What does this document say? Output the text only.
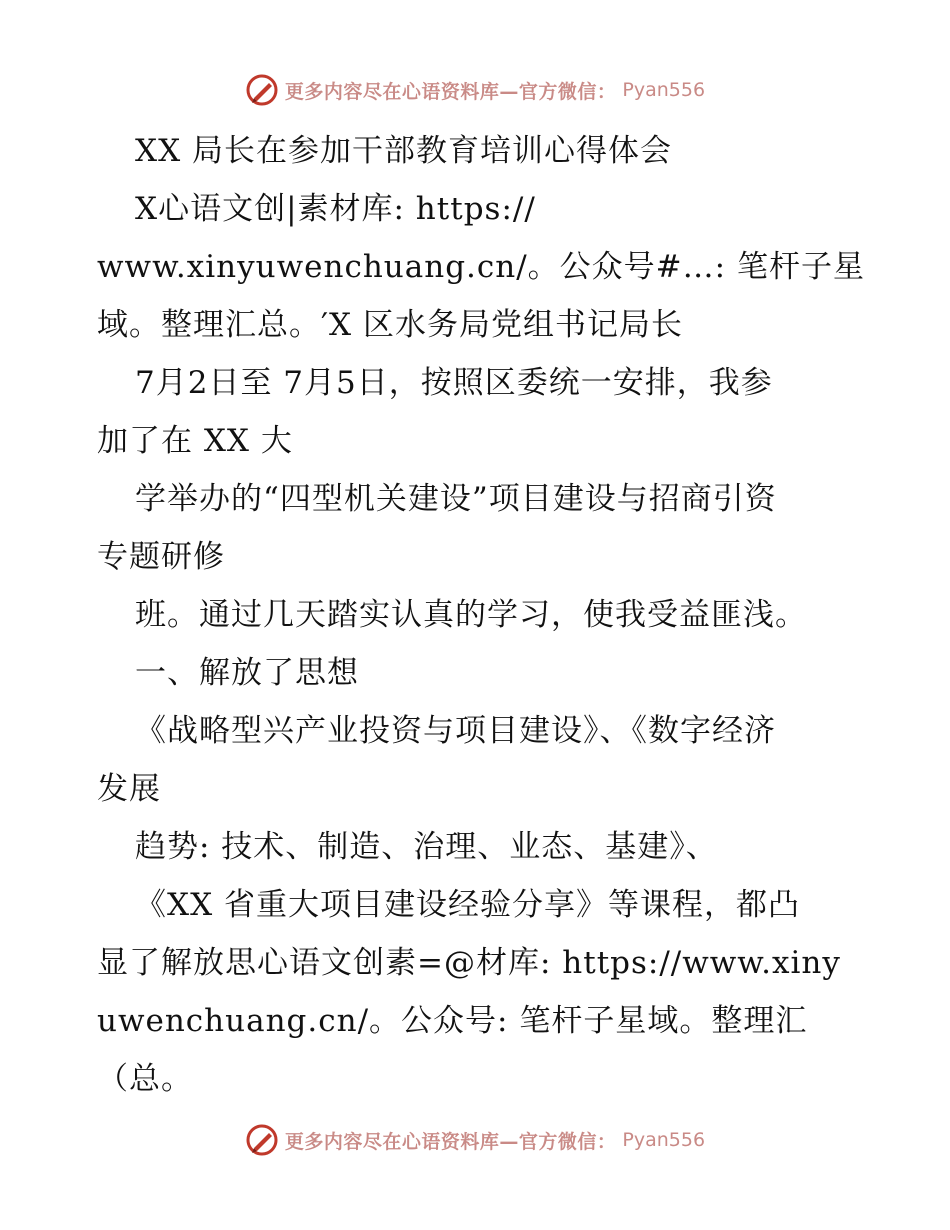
更多内容尽在心语资料库—官方微信： Pyan556
XX 局长在参加干部教育培训心得体会
X心语文创|素材库: https://
www.xinyuwenchuang.cn/。公众号#…: 笔杆子星
域。整理汇总。′X 区水务局党组书记局长
7月2日至 7月5日，按照区委统一安排，我参
加了在 XX 大
学举办的“四型机关建设”项目建设与招商引资
专题研修
班。通过几天踏实认真的学习，使我受益匪浅。
一、解放了思想
《战略型兴产业投资与项目建设》、《数字经济
发展
趋势: 技术、制造、治理、业态、基建》、
《XX 省重大项目建设经验分享》等课程，都凸
显了解放思心语文创素=@材库: https://www.xiny
uwenchuang.cn/。公众号: 笔杆子星域。整理汇
（总。
更多内容尽在心语资料库—官方微信： Pyan556
